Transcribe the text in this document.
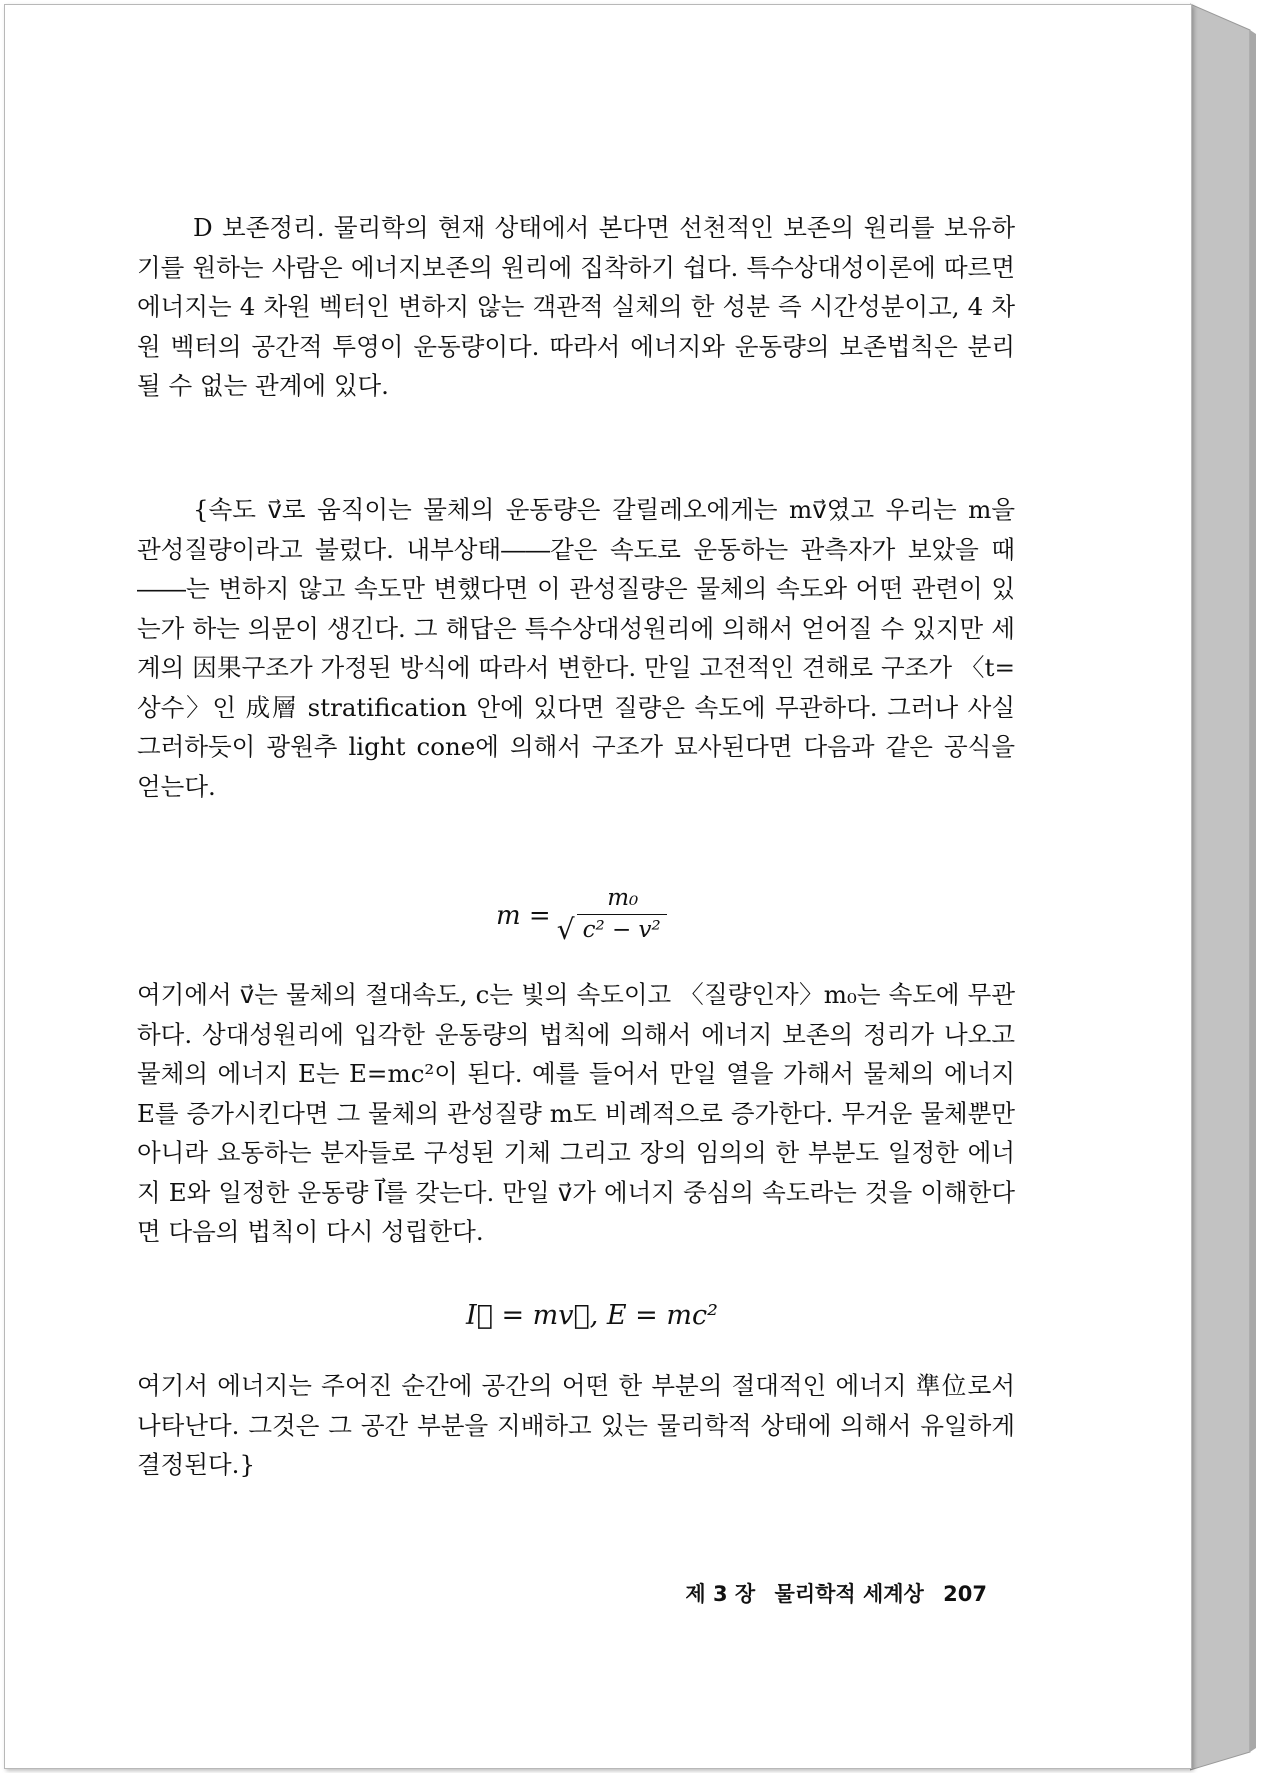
D 보존정리. 물리학의 현재 상태에서 본다면 선천적인 보존의 원리를 보유하기를 원하는 사람은 에너지보존의 원리에 집착하기 쉽다. 특수상대성이론에 따르면 에너지는 4 차원 벡터인 변하지 않는 객관적 실체의 한 성분 즉 시간성분이고, 4 차원 벡터의 공간적 투영이 운동량이다. 따라서 에너지와 운동량의 보존법칙은 분리될 수 없는 관계에 있다.

{속도 v⃗로 움직이는 물체의 운동량은 갈릴레오에게는 mv⃗였고 우리는 m을 관성질량이라고 불렀다. 내부상태――같은 속도로 운동하는 관측자가 보았을 때――는 변하지 않고 속도만 변했다면 이 관성질량은 물체의 속도와 어떤 관련이 있는가 하는 의문이 생긴다. 그 해답은 특수상대성원리에 의해서 얻어질 수 있지만 세계의 因果구조가 가정된 방식에 따라서 변한다. 만일 고전적인 견해로 구조가 〈t=상수〉인 成層 stratification 안에 있다면 질량은 속도에 무관하다. 그러나 사실 그러하듯이 광원추 light cone에 의해서 구조가 묘사된다면 다음과 같은 공식을 얻는다.

m =
m₀
√ c² − v²

여기에서 v⃗는 물체의 절대속도, c는 빛의 속도이고 〈질량인자〉m₀는 속도에 무관하다. 상대성원리에 입각한 운동량의 법칙에 의해서 에너지 보존의 정리가 나오고 물체의 에너지 E는 E=mc²이 된다. 예를 들어서 만일 열을 가해서 물체의 에너지 E를 증가시킨다면 그 물체의 관성질량 m도 비례적으로 증가한다. 무거운 물체뿐만 아니라 요동하는 분자들로 구성된 기체 그리고 장의 임의의 한 부분도 일정한 에너지 E와 일정한 운동량 I⃗를 갖는다. 만일 v⃗가 에너지 중심의 속도라는 것을 이해한다면 다음의 법칙이 다시 성립한다.

I⃗ = mv⃗, E = mc²

여기서 에너지는 주어진 순간에 공간의 어떤 한 부분의 절대적인 에너지 準位로서 나타난다. 그것은 그 공간 부분을 지배하고 있는 물리학적 상태에 의해서 유일하게 결정된다.}

제 3 장 물리학적 세계상 207
